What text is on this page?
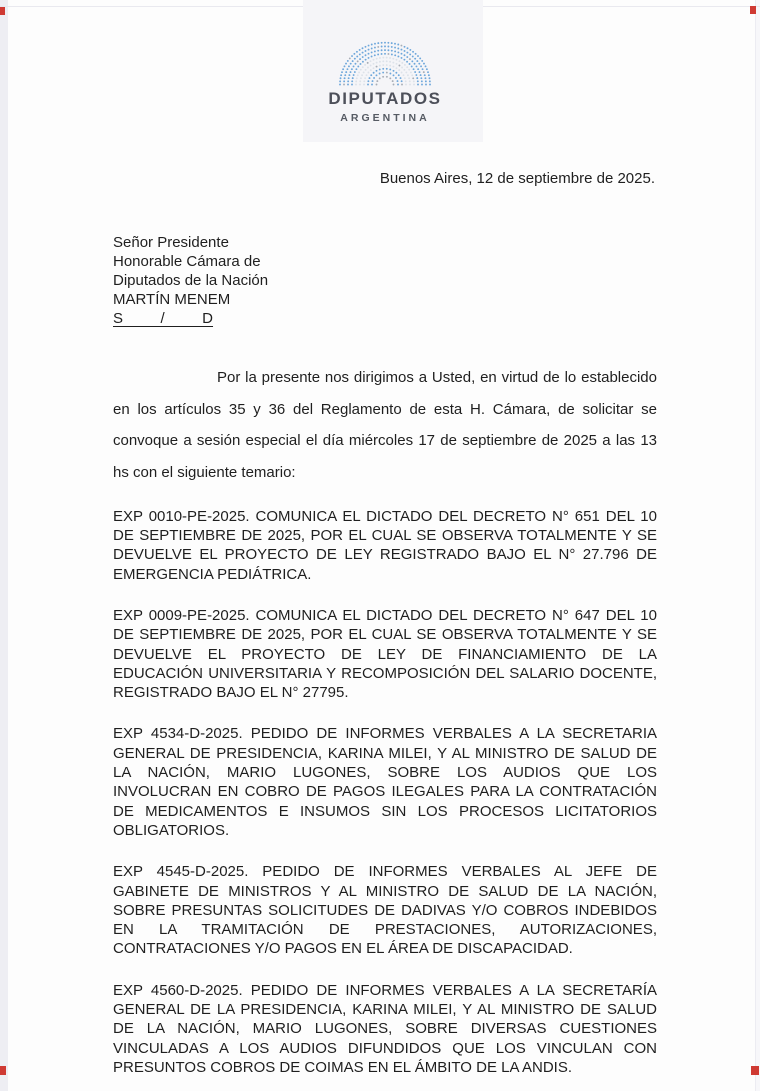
DIPUTADOS
ARGENTINA
Buenos Aires, 12 de septiembre de 2025.
Señor Presidente
Honorable Cámara de
Diputados de la Nación
MARTÍN MENEM
S         /         D

Por la presente nos dirigimos a Usted, en virtud de lo establecido en los artículos 35 y 36 del Reglamento de esta H. Cámara, de solicitar se convoque a sesión especial el día miércoles 17 de septiembre de 2025 a las 13 hs con el siguiente temario:

EXP 0010-PE-2025. COMUNICA EL DICTADO DEL DECRETO N° 651 DEL 10 DE SEPTIEMBRE DE 2025, POR EL CUAL SE OBSERVA TOTALMENTE Y SE DEVUELVE EL PROYECTO DE LEY REGISTRADO BAJO EL N° 27.796 DE EMERGENCIA PEDIÁTRICA.

EXP 0009-PE-2025. COMUNICA EL DICTADO DEL DECRETO N° 647 DEL 10 DE SEPTIEMBRE DE 2025, POR EL CUAL SE OBSERVA TOTALMENTE Y SE DEVUELVE EL PROYECTO DE LEY DE FINANCIAMIENTO DE LA EDUCACIÓN UNIVERSITARIA Y RECOMPOSICIÓN DEL SALARIO DOCENTE, REGISTRADO BAJO EL N° 27795.

EXP 4534-D-2025. PEDIDO DE INFORMES VERBALES A LA SECRETARIA GENERAL DE PRESIDENCIA, KARINA MILEI, Y AL MINISTRO DE SALUD DE LA NACIÓN, MARIO LUGONES, SOBRE LOS AUDIOS QUE LOS INVOLUCRAN EN COBRO DE PAGOS ILEGALES PARA LA CONTRATACIÓN DE MEDICAMENTOS E INSUMOS SIN LOS PROCESOS LICITATORIOS OBLIGATORIOS.

EXP 4545-D-2025. PEDIDO DE INFORMES VERBALES AL JEFE DE GABINETE DE MINISTROS Y AL MINISTRO DE SALUD DE LA NACIÓN, SOBRE PRESUNTAS SOLICITUDES DE DADIVAS Y/O COBROS INDEBIDOS EN LA TRAMITACIÓN DE PRESTACIONES, AUTORIZACIONES, CONTRATACIONES Y/O PAGOS EN EL ÁREA DE DISCAPACIDAD.

EXP 4560-D-2025. PEDIDO DE INFORMES VERBALES A LA SECRETARÍA GENERAL DE LA PRESIDENCIA, KARINA MILEI, Y AL MINISTRO DE SALUD DE LA NACIÓN, MARIO LUGONES, SOBRE DIVERSAS CUESTIONES VINCULADAS A LOS AUDIOS DIFUNDIDOS QUE LOS VINCULAN CON PRESUNTOS COBROS DE COIMAS EN EL ÁMBITO DE LA ANDIS.
